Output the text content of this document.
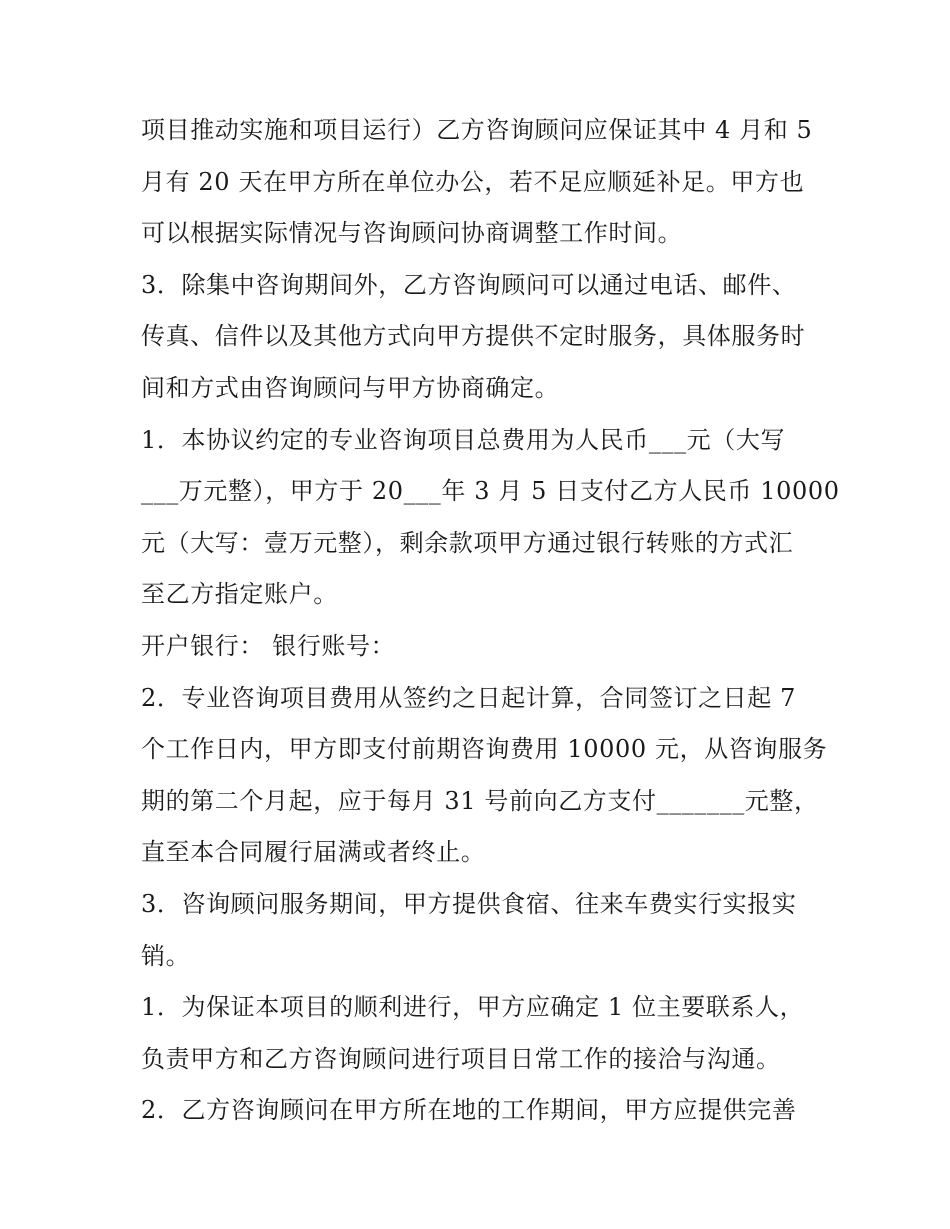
项目推动实施和项目运行）乙方咨询顾问应保证其中 4 月和 5
月有 20 天在甲方所在单位办公，若不足应顺延补足。甲方也
可以根据实际情况与咨询顾问协商调整工作时间。
3．除集中咨询期间外，乙方咨询顾问可以通过电话、邮件、
传真、信件以及其他方式向甲方提供不定时服务，具体服务时
间和方式由咨询顾问与甲方协商确定。
1．本协议约定的专业咨询项目总费用为人民币___元（大写
___万元整），甲方于 20___年 3 月 5 日支付乙方人民币 10000
元（大写：壹万元整），剩余款项甲方通过银行转账的方式汇
至乙方指定账户。
开户银行： 银行账号：
2．专业咨询项目费用从签约之日起计算，合同签订之日起 7
个工作日内，甲方即支付前期咨询费用 10000 元，从咨询服务
期的第二个月起，应于每月 31 号前向乙方支付_______元整，
直至本合同履行届满或者终止。
3．咨询顾问服务期间，甲方提供食宿、往来车费实行实报实
销。
1．为保证本项目的顺利进行，甲方应确定 1 位主要联系人，
负责甲方和乙方咨询顾问进行项目日常工作的接洽与沟通。
2．乙方咨询顾问在甲方所在地的工作期间，甲方应提供完善
